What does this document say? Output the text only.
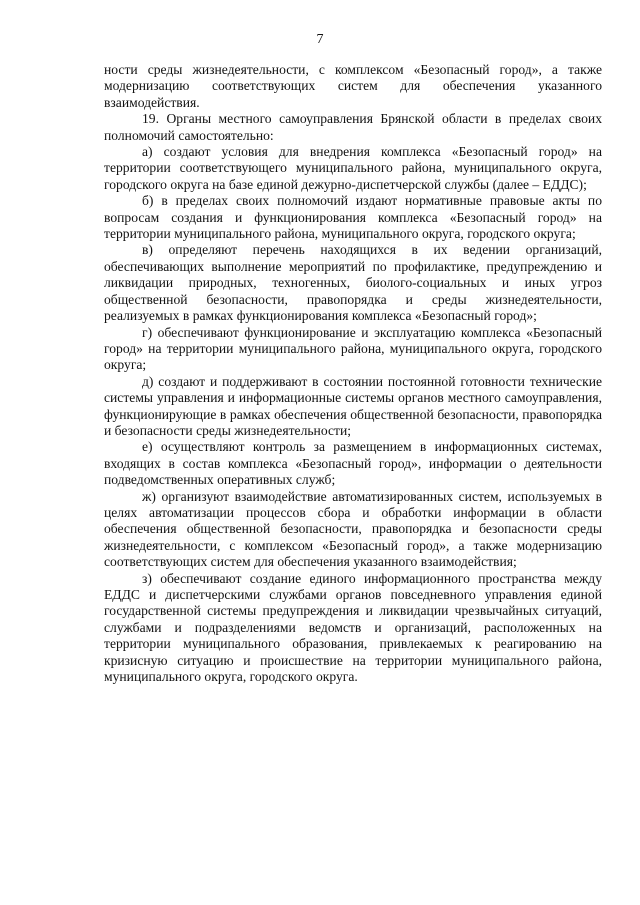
7

ности среды жизнедеятельности, с комплексом «Безопасный город», а также модернизацию соответствующих систем для обеспечения указанного взаимодействия.

19. Органы местного самоуправления Брянской области в пределах своих полномочий самостоятельно:

а) создают условия для внедрения комплекса «Безопасный город» на территории соответствующего муниципального района, муниципального округа, городского округа на базе единой дежурно-диспетчерской службы (далее – ЕДДС);

б) в пределах своих полномочий издают нормативные правовые акты по вопросам создания и функционирования комплекса «Безопасный город» на территории муниципального района, муниципального округа, городского округа;

в) определяют перечень находящихся в их ведении организаций, обеспечивающих выполнение мероприятий по профилактике, предупреждению и ликвидации природных, техногенных, биолого-социальных и иных угроз общественной безопасности, правопорядка и среды жизнедеятельности, реализуемых в рамках функционирования комплекса «Безопасный город»;

г) обеспечивают функционирование и эксплуатацию комплекса «Безопасный город» на территории муниципального района, муниципального округа, городского округа;

д) создают и поддерживают в состоянии постоянной готовности технические системы управления и информационные системы органов местного самоуправления, функционирующие в рамках обеспечения общественной безопасности, правопорядка и безопасности среды жизнедеятельности;

е) осуществляют контроль за размещением в информационных системах, входящих в состав комплекса «Безопасный город», информации о деятельности подведомственных оперативных служб;

ж) организуют взаимодействие автоматизированных систем, используемых в целях автоматизации процессов сбора и обработки информации в области обеспечения общественной безопасности, правопорядка и безопасности среды жизнедеятельности, с комплексом «Безопасный город», а также модернизацию соответствующих систем для обеспечения указанного взаимодействия;

з) обеспечивают создание единого информационного пространства между ЕДДС и диспетчерскими службами органов повседневного управления единой государственной системы предупреждения и ликвидации чрезвычайных ситуаций, службами и подразделениями ведомств и организаций, расположенных на территории муниципального образования, привлекаемых к реагированию на кризисную ситуацию и происшествие на территории муниципального района, муниципального округа, городского округа.
